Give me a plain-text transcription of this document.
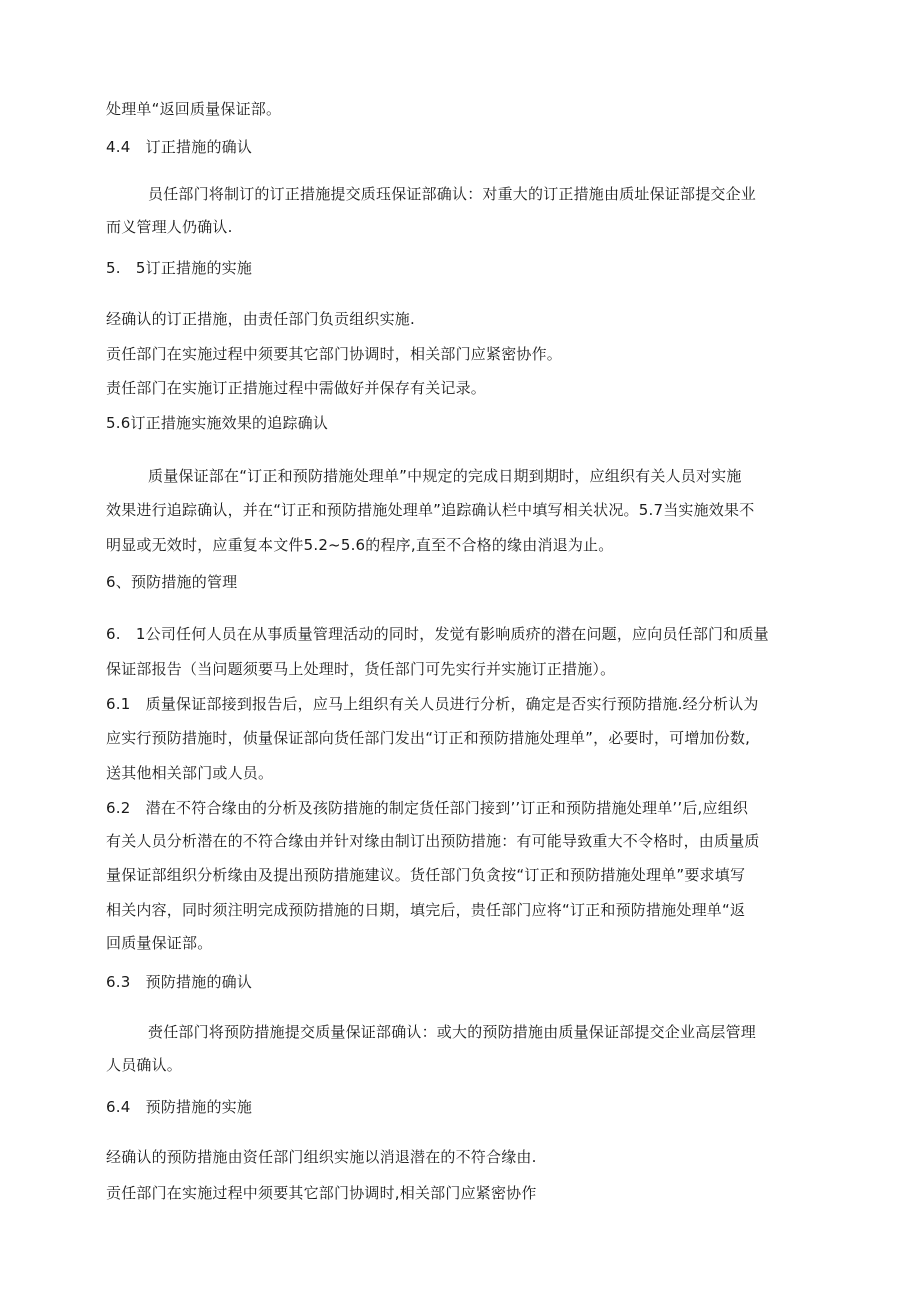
处理单“返回质量保证部。
4.4　订正措施的确认
员任部门将制订的订正措施提交质珏保证部确认：对重大的订正措施由质址保证部提交企业
而义管理人仍确认.
5.　5订正措施的实施
经确认的订正措施，由责任部门负贡组织实施.
贡任部门在实施过程中须要其它部门协调时，相关部门应紧密协作。
责任部门在实施订正措施过程中需做好并保存有关记录。
5.6订正措施实施效果的追踪确认
质量保证部在“订正和预防措施处理单”中规定的完成日期到期时，应组织有关人员对实施
效果进行追踪确认，并在“订正和预防措施处理单”追踪确认栏中填写相关状况。5.7当实施效果不
明显或无效时，应重复本文件5.2~5.6的程序,直至不合格的缘由消退为止。
6、预防措施的管理
6.　1公司任何人员在从事质量管理活动的同时，发觉有影响质疥的潜在问题，应向员任部门和质量
保证部报告（当问题须要马上处理时，货任部门可先实行并实施订正措施）。
6.1　质量保证部接到报告后，应马上组织有关人员进行分析，确定是否实行预防措施.经分析认为
应实行预防措施时，侦量保证部向货任部门发出“订正和预防措施处理单”，必要时，可增加份数,
送其他相关部门或人员。
6.2　潜在不符合缘由的分析及孩防措施的制定货任部门接到’’订正和预防措施处理单’’后,应组织
有关人员分析潜在的不符合缘由并针对缘由制订出预防措施：有可能导致重大不令格时，由质量质
量保证部组织分析缘由及提出预防措施建议。货任部门负贪按“订正和预防措施处理单”要求填写
相关内容，同时须注明完成预防措施的日期，填完后，贵任部门应将“订正和预防措施处理单“返
回质量保证部。
6.3　预防措施的确认
赍任部门将预防措施提交质量保证部确认：或大的预防措施由质量保证部提交企业高层管理
人员确认。
6.4　预防措施的实施
经确认的预防措施由资任部门组织实施以消退潜在的不符合缘由.
贡任部门在实施过程中须要其它部门协调时,相关部门应紧密协作
